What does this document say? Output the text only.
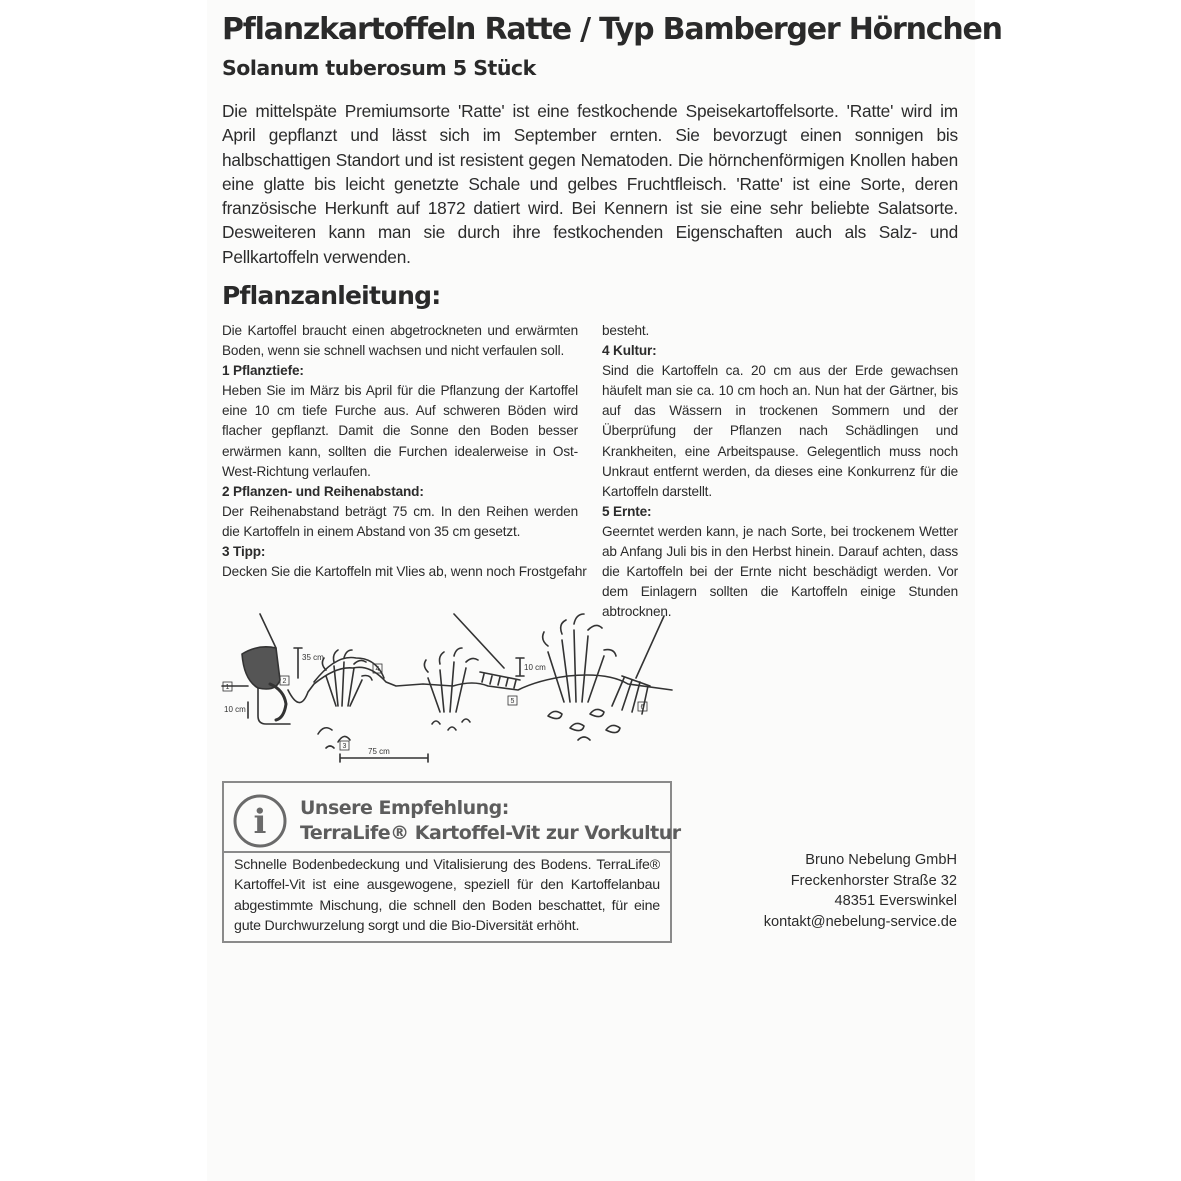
Pflanzkartoffeln Ratte / Typ Bamberger Hörnchen
Solanum tuberosum 5 Stück
Die mittelspäte Premiumsorte 'Ratte' ist eine festkochende Speisekartoffelsorte. 'Ratte' wird im April gepflanzt und lässt sich im September ernten. Sie bevorzugt einen sonnigen bis halbschattigen Standort und ist resistent gegen Nematoden. Die hörnchenförmigen Knollen haben eine glatte bis leicht genetzte Schale und gelbes Fruchtfleisch. 'Ratte' ist eine Sorte, deren französische Herkunft auf 1872 datiert wird. Bei Kennern ist sie eine sehr beliebte Salatsorte. Desweiteren kann man sie durch ihre festkochenden Eigenschaften auch als Salz- und Pellkartoffeln verwenden.
Pflanzanleitung:

Die Kartoffel braucht einen abgetrockneten und erwärmten Boden, wenn sie schnell wachsen und nicht verfaulen soll.

1 Pflanztiefe:

Heben Sie im März bis April für die Pflanzung der Kartoffel eine 10 cm tiefe Furche aus. Auf schweren Böden wird flacher gepflanzt. Damit die Sonne den Boden besser erwärmen kann, sollten die Furchen idealerweise in Ost-West-Richtung verlaufen.

2 Pflanzen- und Reihenabstand:

Der Reihenabstand beträgt 75 cm. In den Reihen werden die Kartoffeln in einem Abstand von 35 cm gesetzt.

3 Tipp:

Decken Sie die Kartoffeln mit Vlies ab, wenn noch Frostgefahr

besteht.

4 Kultur:

Sind die Kartoffeln ca. 20 cm aus der Erde gewachsen häufelt man sie ca. 10 cm hoch an. Nun hat der Gärtner, bis auf das Wässern in trockenen Sommern und der Überprüfung der Pflanzen nach Schädlingen und Krankheiten, eine Arbeitspause. Gelegentlich muss noch Unkraut entfernt werden, da dieses eine Konkurrenz für die Kartoffeln darstellt.

5 Ernte:

Geerntet werden kann, je nach Sorte, bei trockenem Wetter ab Anfang Juli bis in den Herbst hinein. Darauf achten, dass die Kartoffeln bei der Ernte nicht beschädigt werden. Vor dem Einlagern sollten die Kartoffeln einige Stunden abtrocknen.

35 cm
75 cm
10 cm
10 cm
1
2
3
4
5
6
i Unsere Empfehlung:
TerraLife® Kartoffel-Vit zur Vorkultur
Schnelle Bodenbedeckung und Vitalisierung des Bodens. TerraLife® Kartoffel-Vit ist eine ausgewogene, speziell für den Kartoffelanbau abgestimmte Mischung, die schnell den Boden beschattet, für eine gute Durchwurzelung sorgt und die Bio-Diversität erhöht.
Bruno Nebelung GmbH
Freckenhorster Straße 32
48351 Everswinkel
kontakt@nebelung-service.de
